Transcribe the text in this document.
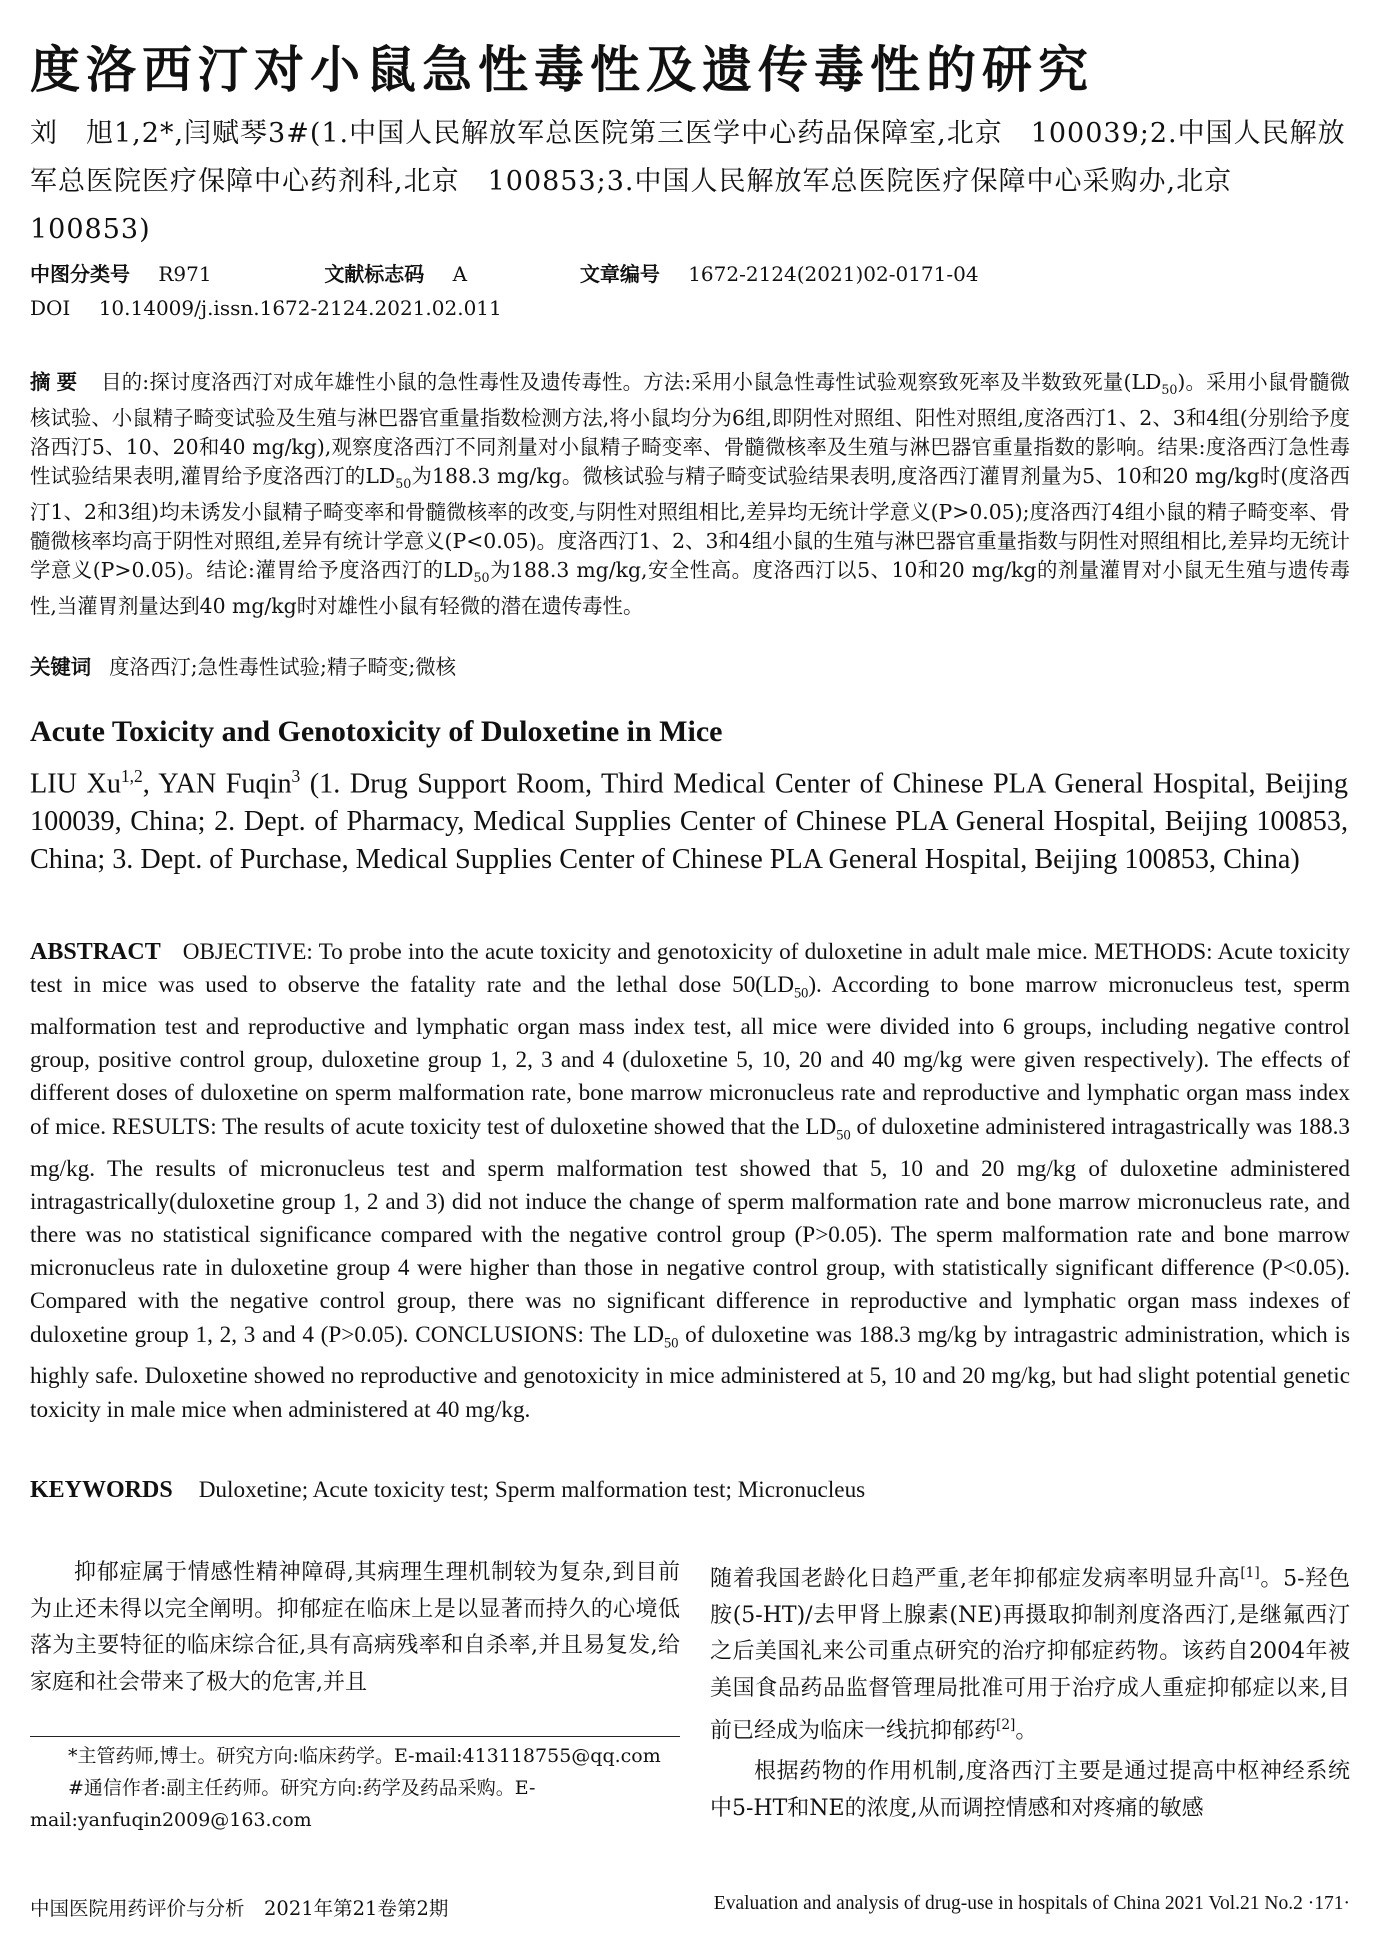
度洛西汀对小鼠急性毒性及遗传毒性的研究
刘　旭1,2*,闫赋琴3#(1.中国人民解放军总医院第三医学中心药品保障室,北京　100039;2.中国人民解放军总医院医疗保障中心药剂科,北京　100853;3.中国人民解放军总医院医疗保障中心采购办,北京　100853)
中图分类号 R971	文献标志码 A	文章编号 1672-2124(2021)02-0171-04
DOI 10.14009/j.issn.1672-2124.2021.02.011
摘要 目的:探讨度洛西汀对成年雄性小鼠的急性毒性及遗传毒性。方法:采用小鼠急性毒性试验观察致死率及半数致死量$(LD_{50})$。采用小鼠骨髓微核试验、小鼠精子畸变试验及生殖与淋巴器官重量指数检测方法,将小鼠均分为6组,即阴性对照组、阳性对照组,度洛西汀1、2、3和4组(分别给予度洛西汀5、10、20和40 mg/kg),观察度洛西汀不同剂量对小鼠精子畸变率、骨髓微核率及生殖与淋巴器官重量指数的影响。结果:度洛西汀急性毒性试验结果表明,灌胃给予度洛西汀的$LD_{50}$为188.3 mg/kg。微核试验与精子畸变试验结果表明,度洛西汀灌胃剂量为5、10和20 mg/kg时(度洛西汀1、2和3组)均未诱发小鼠精子畸变率和骨髓微核率的改变,与阴性对照组相比,差异均无统计学意义(P>0.05);度洛西汀4组小鼠的精子畸变率、骨髓微核率均高于阴性对照组,差异有统计学意义(P<0.05)。度洛西汀1、2、3和4组小鼠的生殖与淋巴器官重量指数与阴性对照组相比,差异均无统计学意义(P>0.05)。结论:灌胃给予度洛西汀的$LD_{50}$为188.3 mg/kg,安全性高。度洛西汀以5、10和20 mg/kg的剂量灌胃对小鼠无生殖与遗传毒性,当灌胃剂量达到40 mg/kg时对雄性小鼠有轻微的潜在遗传毒性。
关键词 度洛西汀;急性毒性试验;精子畸变;微核
Acute Toxicity and Genotoxicity of Duloxetine in Mice
LIU Xu$^{1,2}$, YAN Fuqin$^3$ (1. Drug Support Room, Third Medical Center of Chinese PLA General Hospital, Beijing 100039, China; 2. Dept. of Pharmacy, Medical Supplies Center of Chinese PLA General Hospital, Beijing 100853, China; 3. Dept. of Purchase, Medical Supplies Center of Chinese PLA General Hospital, Beijing 100853, China)
ABSTRACT OBJECTIVE: To probe into the acute toxicity and genotoxicity of duloxetine in adult male mice. METHODS: Acute toxicity test in mice was used to observe the fatality rate and the lethal dose $50(LD_{50})$. According to bone marrow micronucleus test, sperm malformation test and reproductive and lymphatic organ mass index test, all mice were divided into 6 groups, including negative control group, positive control group, duloxetine group 1, 2, 3 and 4 (duloxetine 5, 10, 20 and 40 mg/kg were given respectively). The effects of different doses of duloxetine on sperm malformation rate, bone marrow micronucleus rate and reproductive and lymphatic organ mass index of mice. RESULTS: The results of acute toxicity test of duloxetine showed that the $LD_{50}$ of duloxetine administered intragastrically was 188.3 mg/kg. The results of micronucleus test and sperm malformation test showed that 5, 10 and 20 mg/kg of duloxetine administered intragastrically(duloxetine group 1, 2 and 3) did not induce the change of sperm malformation rate and bone marrow micronucleus rate, and there was no statistical significance compared with the negative control group (P>0.05). The sperm malformation rate and bone marrow micronucleus rate in duloxetine group 4 were higher than those in negative control group, with statistically significant difference (P<0.05). Compared with the negative control group, there was no significant difference in reproductive and lymphatic organ mass indexes of duloxetine group 1, 2, 3 and 4 (P>0.05). CONCLUSIONS: The $LD_{50}$ of duloxetine was 188.3 mg/kg by intragastric administration, which is highly safe. Duloxetine showed no reproductive and genotoxicity in mice administered at 5, 10 and 20 mg/kg, but had slight potential genetic toxicity in male mice when administered at 40 mg/kg.
KEYWORDS Duloxetine; Acute toxicity test; Sperm malformation test; Micronucleus

抑郁症属于情感性精神障碍,其病理生理机制较为复杂,到目前为止还未得以完全阐明。抑郁症在临床上是以显著而持久的心境低落为主要特征的临床综合征,具有高病残率和自杀率,并且易复发,给家庭和社会带来了极大的危害,并且

*主管药师,博士。研究方向:临床药学。E-mail:413118755@qq.com

#通信作者:副主任药师。研究方向:药学及药品采购。E-mail:yanfuqin2009@163.com

随着我国老龄化日趋严重,老年抑郁症发病率明显升高[1]。5-羟色胺(5-HT)/去甲肾上腺素(NE)再摄取抑制剂度洛西汀,是继氟西汀之后美国礼来公司重点研究的治疗抑郁症药物。该药自2004年被美国食品药品监督管理局批准可用于治疗成人重症抑郁症以来,目前已经成为临床一线抗抑郁药[2]。

根据药物的作用机制,度洛西汀主要是通过提高中枢神经系统中5-HT和NE的浓度,从而调控情感和对疼痛的敏感

中国医院用药评价与分析　2021年第21卷第2期	Evaluation and analysis of drug-use in hospitals of China 2021 Vol.21 No.2 ·171·
